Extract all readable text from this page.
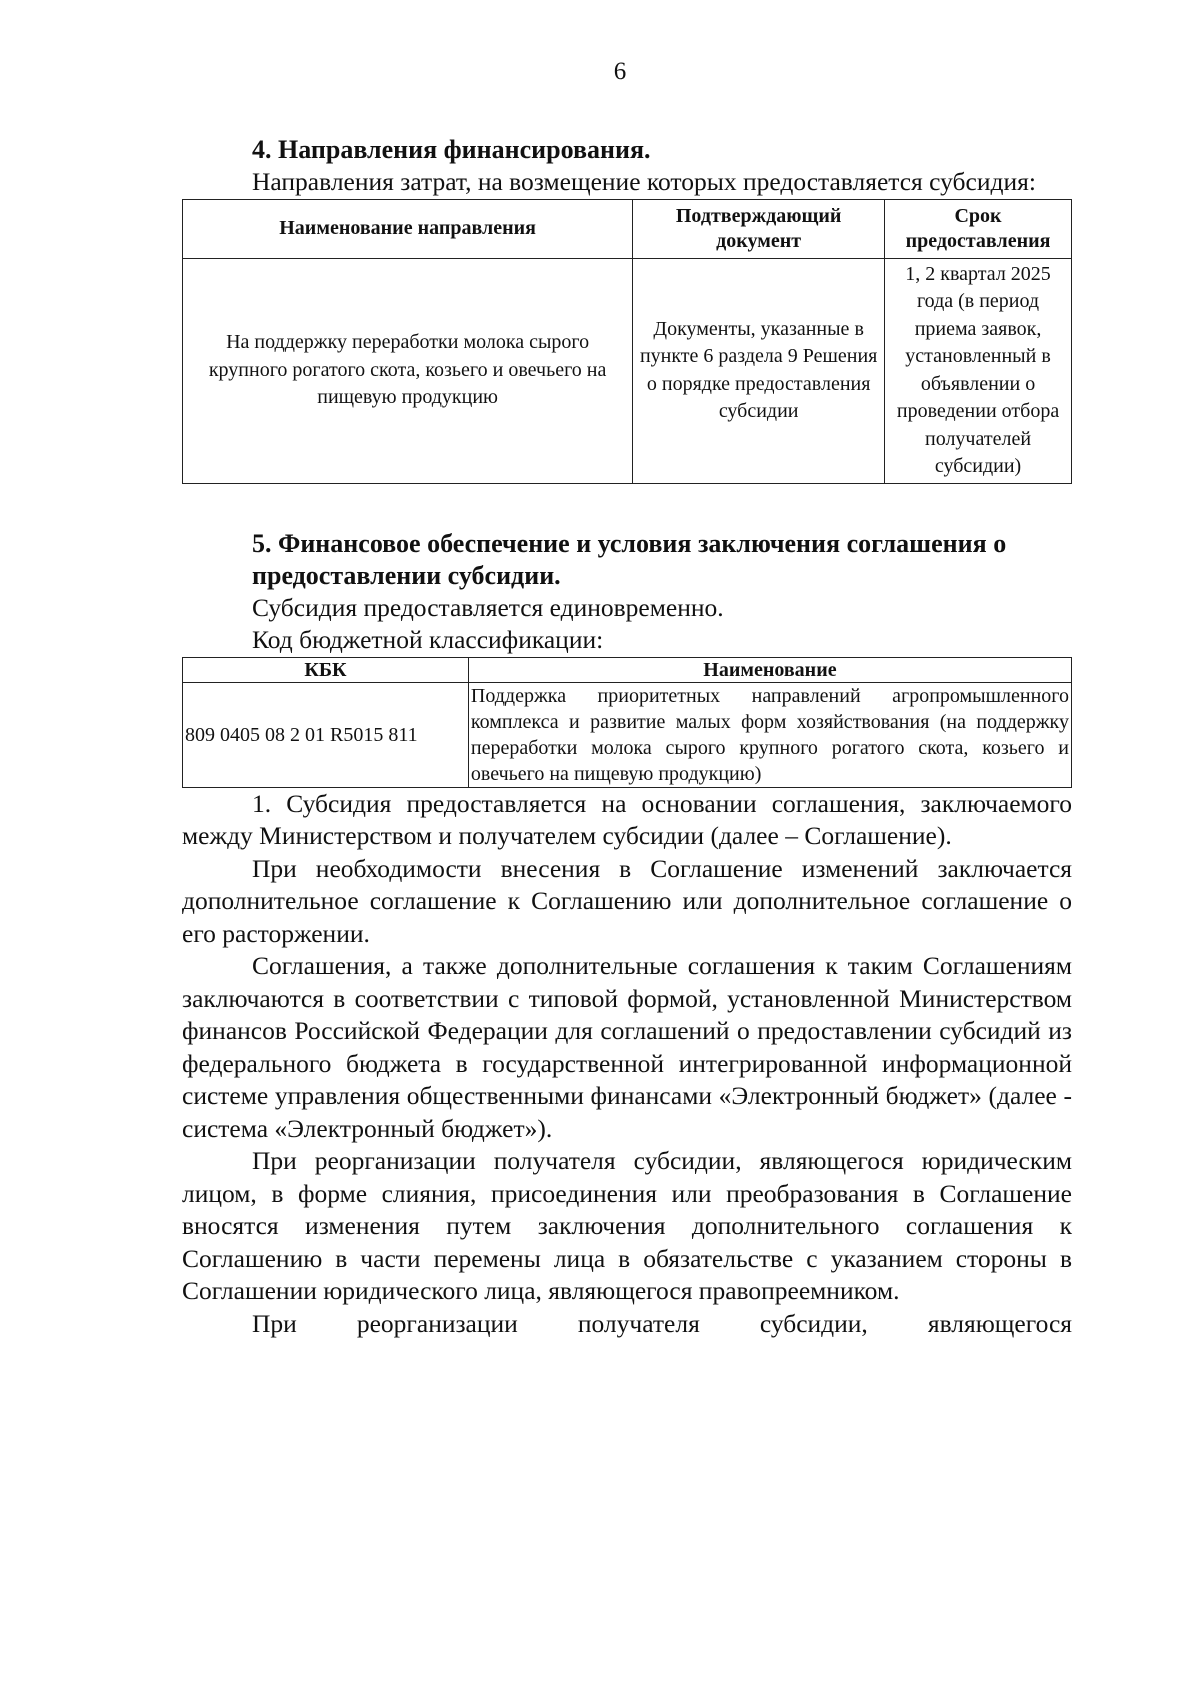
6
4. Направления финансирования.

Направления затрат, на возмещение которых предоставляется субсидия:

Наименование направления	Подтверждающий документ	Срок предоставления
На поддержку переработки молока сырого крупного рогатого скота, козьего и овечьего на пищевую продукцию	Документы, указанные в пункте 6 раздела 9 Решения о порядке предоставления субсидии	1, 2 квартал 2025 года (в период приема заявок, установленный в объявлении о проведении отбора получателей субсидии)
5. Финансовое обеспечение и условия заключения соглашения о предоставлении субсидии.

Субсидия предоставляется единовременно.

Код бюджетной классификации:

КБК	Наименование
809 0405 08 2 01 R5015 811	Поддержка приоритетных направлений агропромышленного комплекса и развитие малых форм хозяйствования (на поддержку переработки молока сырого крупного рогатого скота, козьего и овечьего на пищевую продукцию)

1. Субсидия предоставляется на основании соглашения, заключаемого между Министерством и получателем субсидии (далее – Соглашение).

При необходимости внесения в Соглашение изменений заключается дополнительное соглашение к Соглашению или дополнительное соглашение о его расторжении.

Соглашения, а также дополнительные соглашения к таким Соглашениям заключаются в соответствии с типовой формой, установленной Министерством финансов Российской Федерации для соглашений о предоставлении субсидий из федерального бюджета в государственной интегрированной информационной системе управления общественными финансами «Электронный бюджет» (далее - система «Электронный бюджет»).

При реорганизации получателя субсидии, являющегося юридическим лицом, в форме слияния, присоединения или преобразования в Соглашение вносятся изменения путем заключения дополнительного соглашения к Соглашению в части перемены лица в обязательстве с указанием стороны в Соглашении юридического лица, являющегося правопреемником.

При реорганизации получателя субсидии, являющегося
